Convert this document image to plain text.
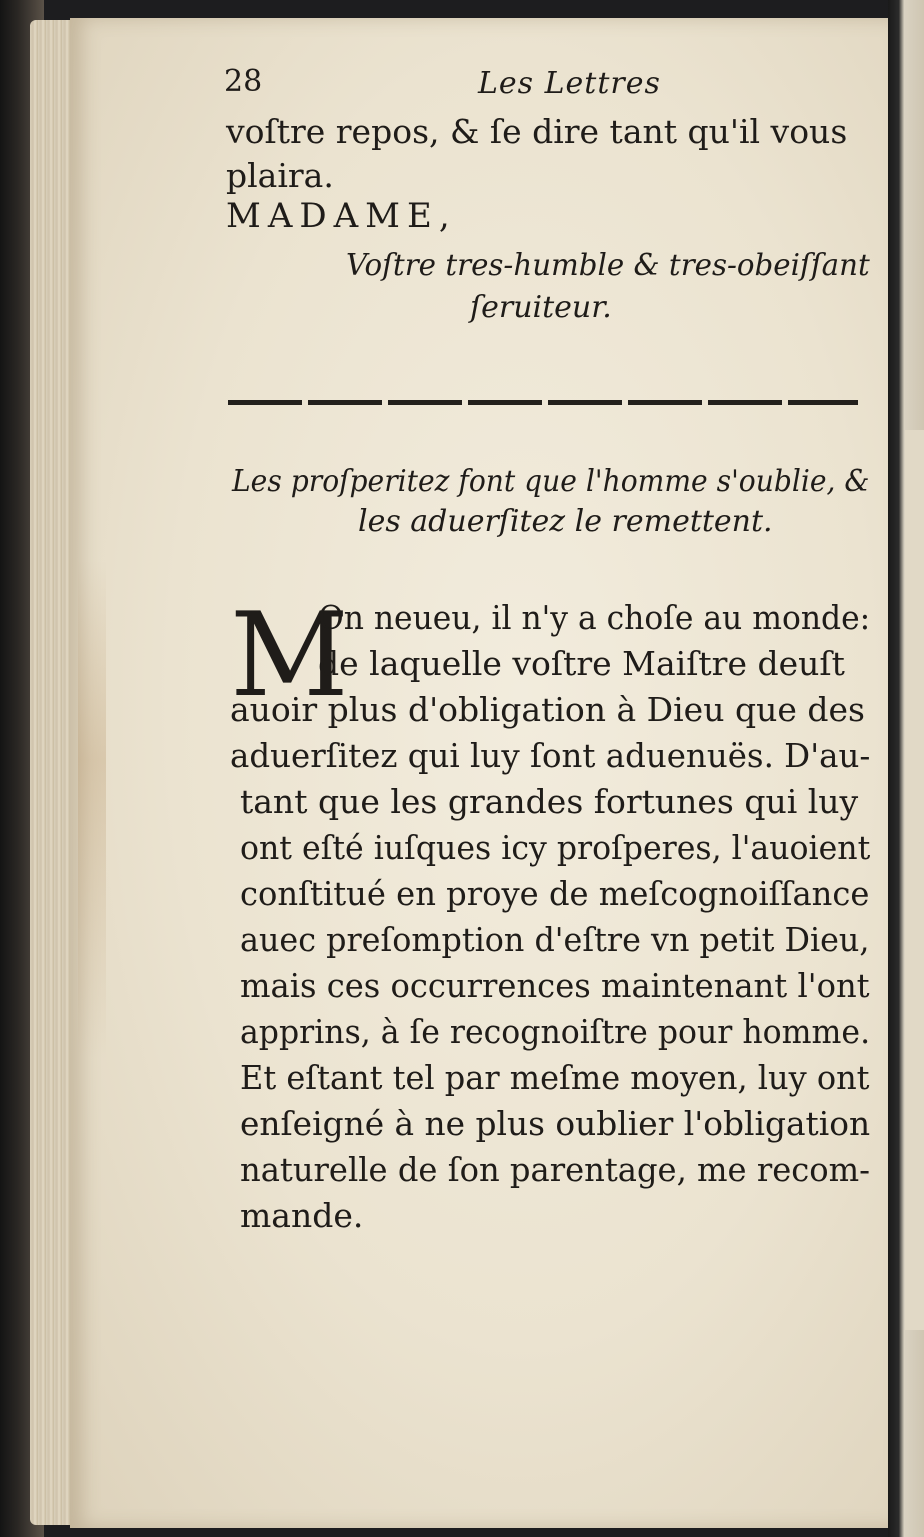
28	Les Lettres
voſtre repos, & ſe dire tant qu'il vous
plaira.
MADAME,
Voſtre tres-humble & tres-obeiſſant
ſeruiteur.
Les proſperitez font que l'homme s'oublie, &
les aduerſitez le remettent.
M
On neueu, il n'y a choſe au monde:
de laquelle voſtre Maiſtre deuſt
auoir plus d'obligation à Dieu que des
aduerſitez qui luy ſont aduenuës. D'au-
tant que les grandes fortunes qui luy
ont eſté iuſques icy proſperes, l'auoient
conſtitué en proye de meſcognoiſſance
auec preſomption d'eſtre vn petit Dieu,
mais ces occurrences maintenant l'ont
apprins, à ſe recognoiſtre pour homme.
Et eſtant tel par meſme moyen, luy ont
enſeigné à ne plus oublier l'obligation
naturelle de ſon parentage, me recom-
mande.
